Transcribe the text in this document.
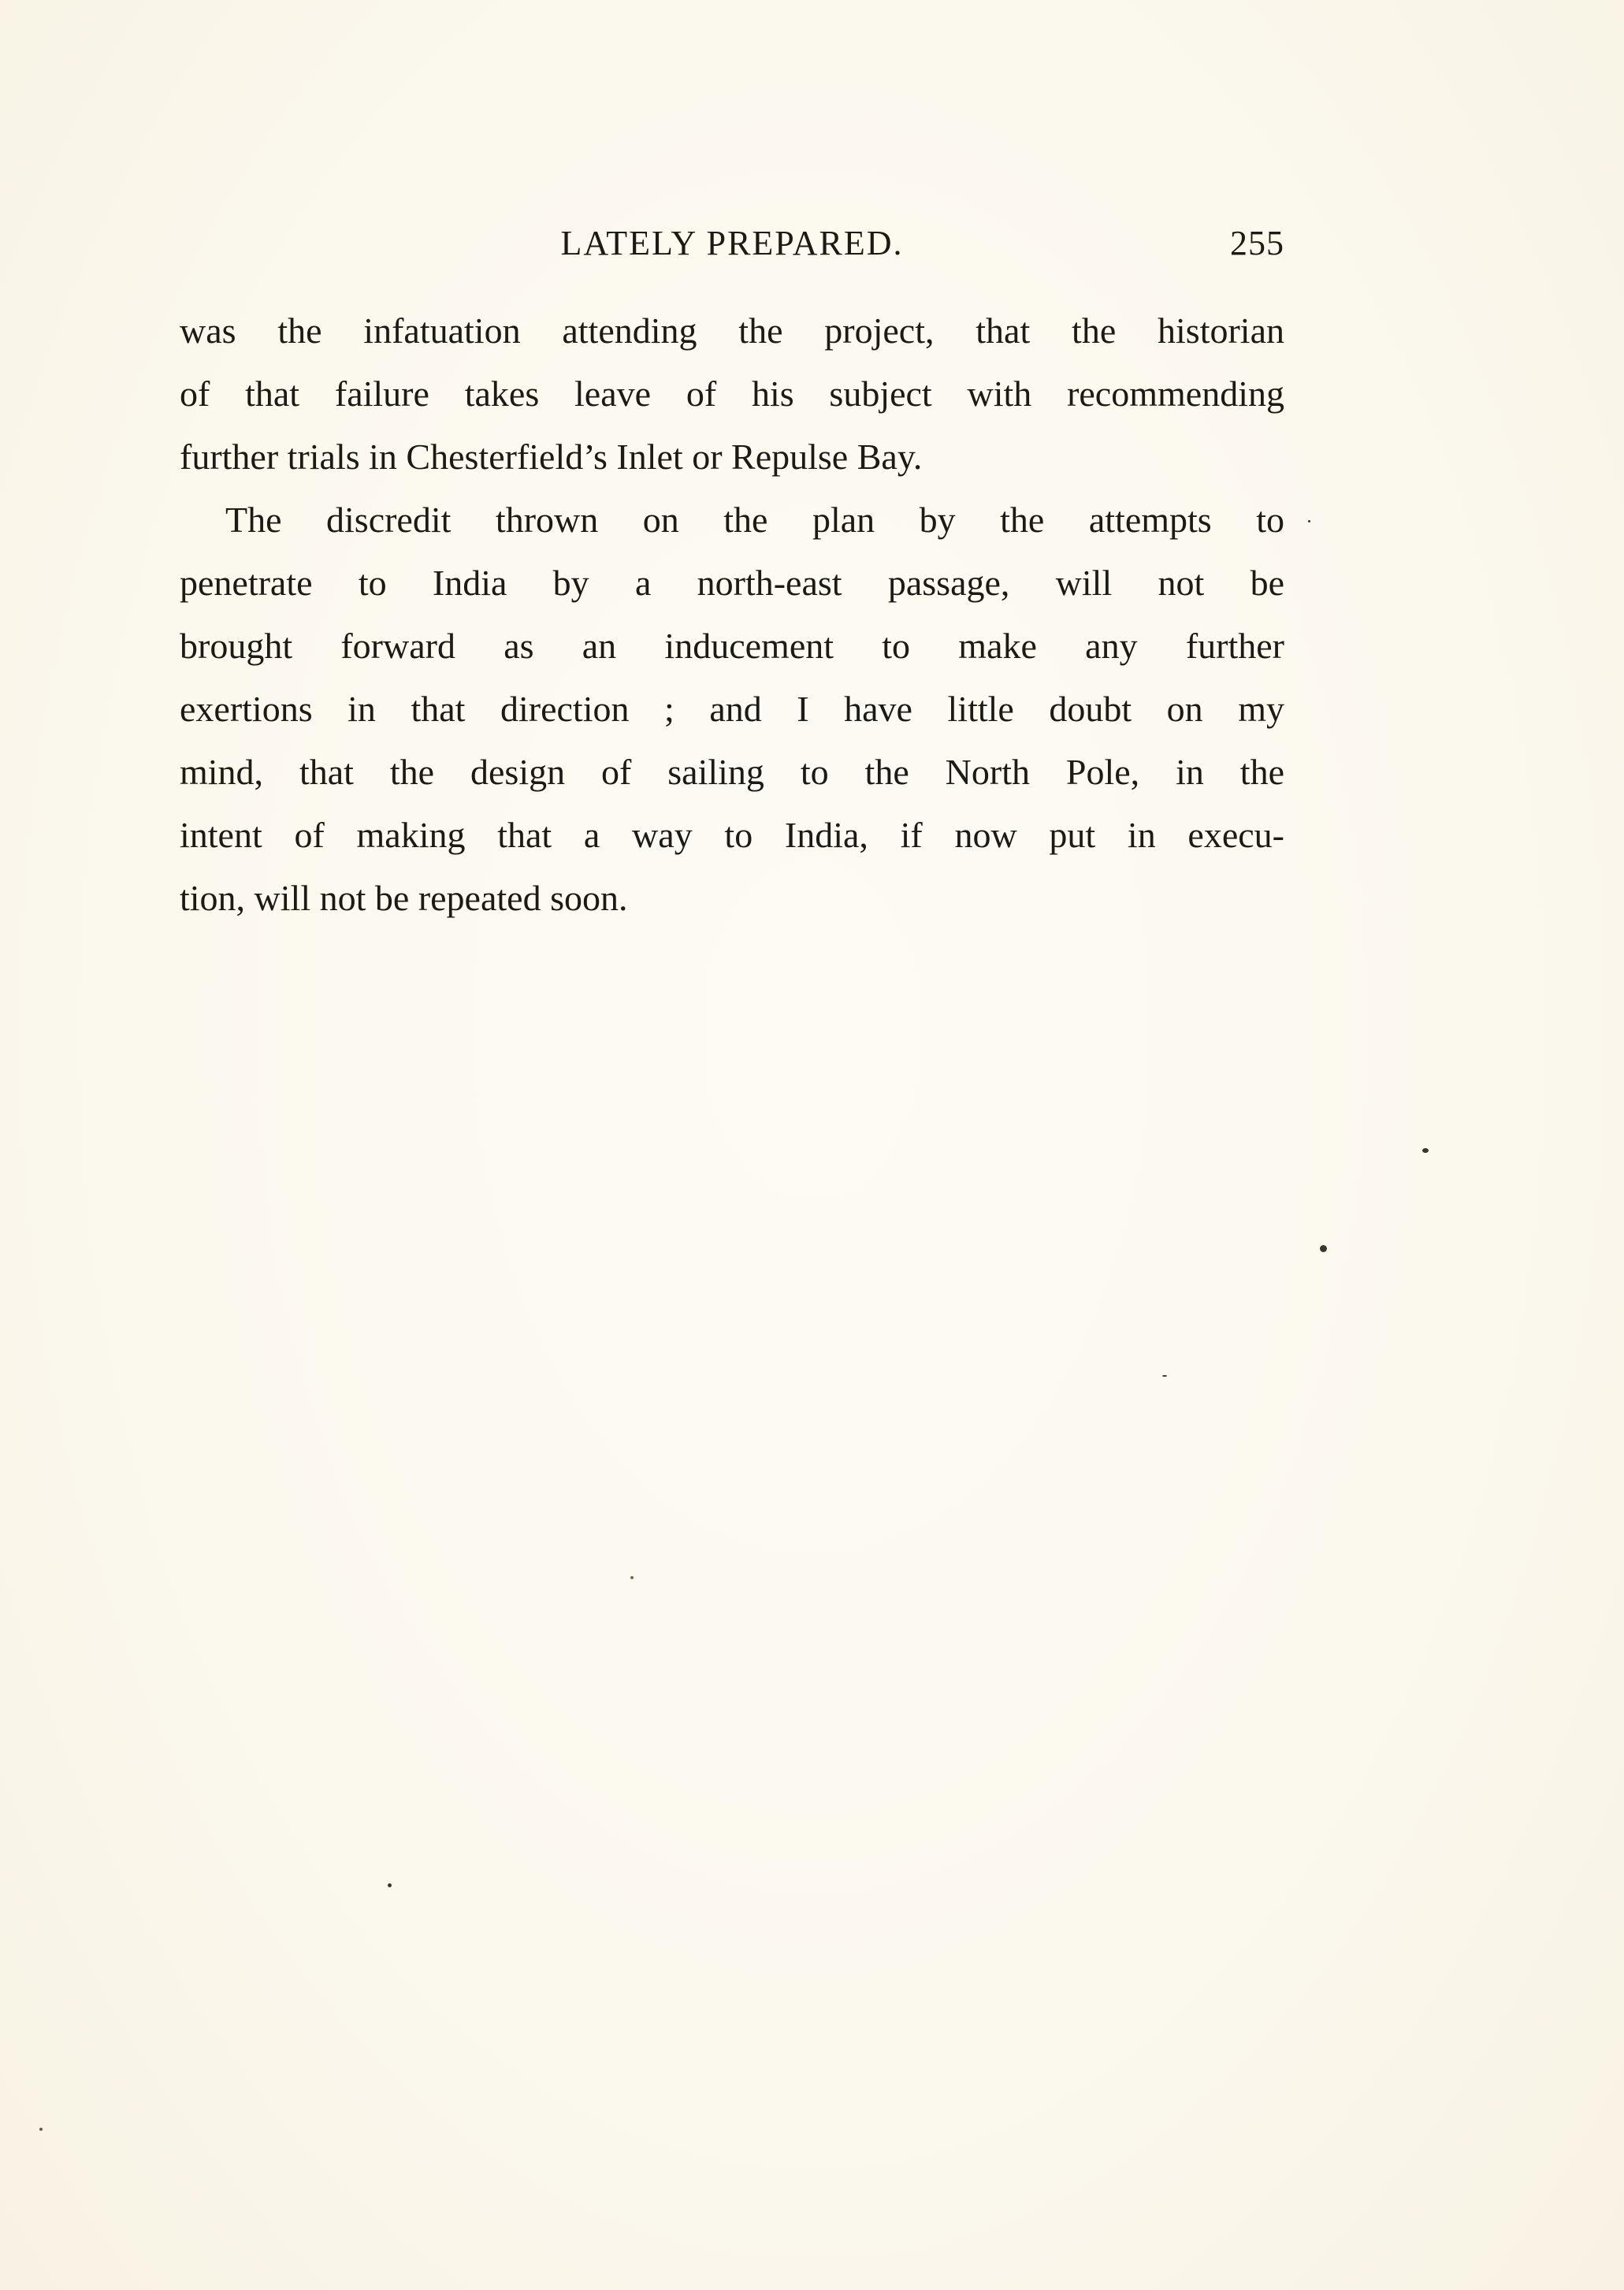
LATELY PREPARED.	255
was the infatuation attending the project, that the historian
of that failure takes leave of his subject with recommending
further trials in Chesterfield’s Inlet or Repulse Bay.
The discredit thrown on the plan by the attempts to
penetrate to India by a north-east passage, will not be
brought forward as an inducement to make any further
exertions in that direction ; and I have little doubt on my
mind, that the design of sailing to the North Pole, in the
intent of making that a way to India, if now put in execu-
tion, will not be repeated soon.
